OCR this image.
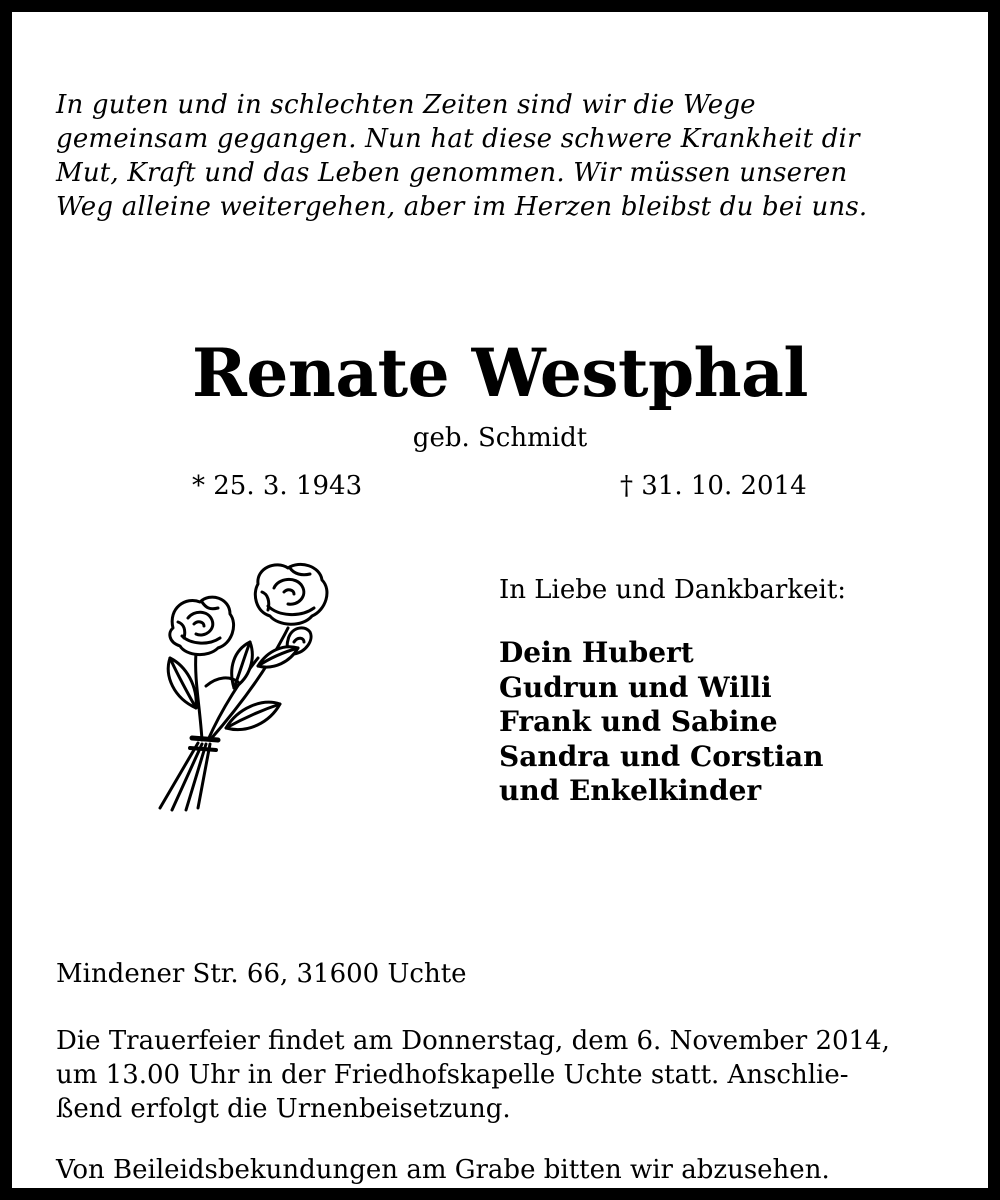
In guten und in schlechten Zeiten sind wir die Wege
gemeinsam gegangen. Nun hat diese schwere Krankheit dir
Mut, Kraft und das Leben genommen. Wir müssen unseren
Weg alleine weitergehen, aber im Herzen bleibst du bei uns.
Renate Westphal
geb. Schmidt
* 25. 3. 1943	† 31. 10. 2014
In Liebe und Dankbarkeit:
Dein Hubert
Gudrun und Willi
Frank und Sabine
Sandra und Corstian
und Enkelkinder
Mindener Str. 66, 31600 Uchte
Die Trauerfeier findet am Donnerstag, dem 6. November 2014,
um 13.00 Uhr in der Friedhofskapelle Uchte statt. Anschlie-
ßend erfolgt die Urnenbeisetzung.
Von Beileidsbekundungen am Grabe bitten wir abzusehen.
